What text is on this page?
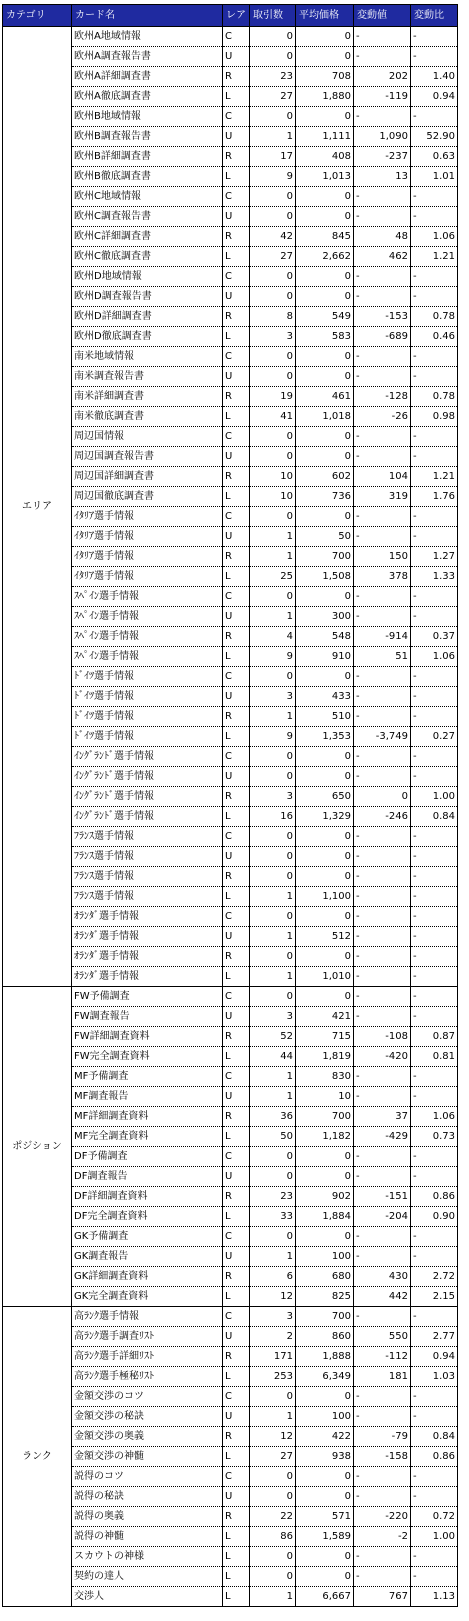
カテゴリ	カード名	レア	取引数	平均価格	変動値	変動比
エリア	欧州A地域情報	C	0	0	-	-
	欧州A調査報告書	U	0	0	-	-
	欧州A詳細調査書	R	23	708	202	1.40
	欧州A徹底調査書	L	27	1,880	-119	0.94
	欧州B地域情報	C	0	0	-	-
	欧州B調査報告書	U	1	1,111	1,090	52.90
	欧州B詳細調査書	R	17	408	-237	0.63
	欧州B徹底調査書	L	9	1,013	13	1.01
	欧州C地域情報	C	0	0	-	-
	欧州C調査報告書	U	0	0	-	-
	欧州C詳細調査書	R	42	845	48	1.06
	欧州C徹底調査書	L	27	2,662	462	1.21
	欧州D地域情報	C	0	0	-	-
	欧州D調査報告書	U	0	0	-	-
	欧州D詳細調査書	R	8	549	-153	0.78
	欧州D徹底調査書	L	3	583	-689	0.46
	南米地域情報	C	0	0	-	-
	南米調査報告書	U	0	0	-	-
	南米詳細調査書	R	19	461	-128	0.78
	南米徹底調査書	L	41	1,018	-26	0.98
	周辺国情報	C	0	0	-	-
	周辺国調査報告書	U	0	0	-	-
	周辺国詳細調査書	R	10	602	104	1.21
	周辺国徹底調査書	L	10	736	319	1.76
	ｲﾀﾘｱ選手情報	C	0	0	-	-
	ｲﾀﾘｱ選手情報	U	1	50	-	-
	ｲﾀﾘｱ選手情報	R	1	700	150	1.27
	ｲﾀﾘｱ選手情報	L	25	1,508	378	1.33
	ｽﾍﾟｲﾝ選手情報	C	0	0	-	-
	ｽﾍﾟｲﾝ選手情報	U	1	300	-	-
	ｽﾍﾟｲﾝ選手情報	R	4	548	-914	0.37
	ｽﾍﾟｲﾝ選手情報	L	9	910	51	1.06
	ﾄﾞｲﾂ選手情報	C	0	0	-	-
	ﾄﾞｲﾂ選手情報	U	3	433	-	-
	ﾄﾞｲﾂ選手情報	R	1	510	-	-
	ﾄﾞｲﾂ選手情報	L	9	1,353	-3,749	0.27
	ｲﾝｸﾞﾗﾝﾄﾞ選手情報	C	0	0	-	-
	ｲﾝｸﾞﾗﾝﾄﾞ選手情報	U	0	0	-	-
	ｲﾝｸﾞﾗﾝﾄﾞ選手情報	R	3	650	0	1.00
	ｲﾝｸﾞﾗﾝﾄﾞ選手情報	L	16	1,329	-246	0.84
	ﾌﾗﾝｽ選手情報	C	0	0	-	-
	ﾌﾗﾝｽ選手情報	U	0	0	-	-
	ﾌﾗﾝｽ選手情報	R	0	0	-	-
	ﾌﾗﾝｽ選手情報	L	1	1,100	-	-
	ｵﾗﾝﾀﾞ選手情報	C	0	0	-	-
	ｵﾗﾝﾀﾞ選手情報	U	1	512	-	-
	ｵﾗﾝﾀﾞ選手情報	R	0	0	-	-
	ｵﾗﾝﾀﾞ選手情報	L	1	1,010	-	-
ポジション	FW予備調査	C	0	0	-	-
	FW調査報告	U	3	421	-	-
	FW詳細調査資料	R	52	715	-108	0.87
	FW完全調査資料	L	44	1,819	-420	0.81
	MF予備調査	C	1	830	-	-
	MF調査報告	U	1	10	-	-
	MF詳細調査資料	R	36	700	37	1.06
	MF完全調査資料	L	50	1,182	-429	0.73
	DF予備調査	C	0	0	-	-
	DF調査報告	U	0	0	-	-
	DF詳細調査資料	R	23	902	-151	0.86
	DF完全調査資料	L	33	1,884	-204	0.90
	GK予備調査	C	0	0	-	-
	GK調査報告	U	1	100	-	-
	GK詳細調査資料	R	6	680	430	2.72
	GK完全調査資料	L	12	825	442	2.15
ランク	高ﾗﾝｸ選手情報	C	3	700	-	-
	高ﾗﾝｸ選手調査ﾘｽﾄ	U	2	860	550	2.77
	高ﾗﾝｸ選手詳細ﾘｽﾄ	R	171	1,888	-112	0.94
	高ﾗﾝｸ選手極秘ﾘｽﾄ	L	253	6,349	181	1.03
	金額交渉のコツ	C	0	0	-	-
	金額交渉の秘訣	U	1	100	-	-
	金額交渉の奥義	R	12	422	-79	0.84
	金額交渉の神髄	L	27	938	-158	0.86
	説得のコツ	C	0	0	-	-
	説得の秘訣	U	0	0	-	-
	説得の奥義	R	22	571	-220	0.72
	説得の神髄	L	86	1,589	-2	1.00
	スカウトの神様	L	0	0	-	-
	契約の達人	L	0	0	-	-
	交渉人	L	1	6,667	767	1.13
